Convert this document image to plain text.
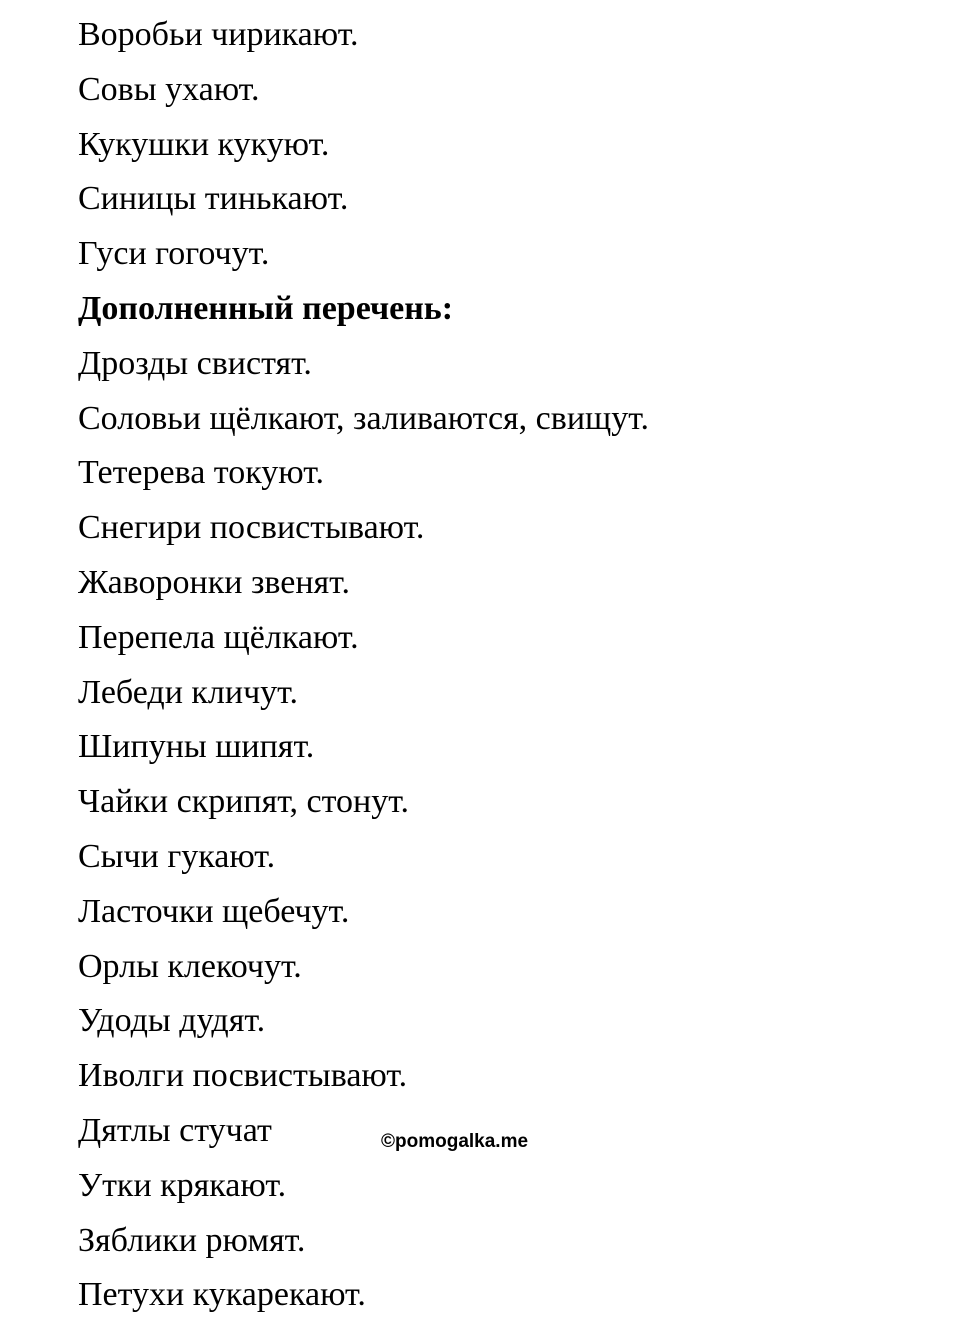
Воробьи чирикают.
Совы ухают.
Кукушки кукуют.
Синицы тинькают.
Гуси гогочут.
Дополненный перечень:
Дрозды свистят.
Соловьи щёлкают, заливаются, свищут.
Тетерева токуют.
Снегири посвистывают.
Жаворонки звенят.
Перепела щёлкают.
Лебеди кличут.
Шипуны шипят.
Чайки скрипят, стонут.
Сычи гукают.
Ласточки щебечут.
Орлы клекочут.
Удоды дудят.
Иволги посвистывают.
Дятлы стучат
Утки крякают.
Зяблики рюмят.
Петухи кукарекают.
©pomogalka.me
